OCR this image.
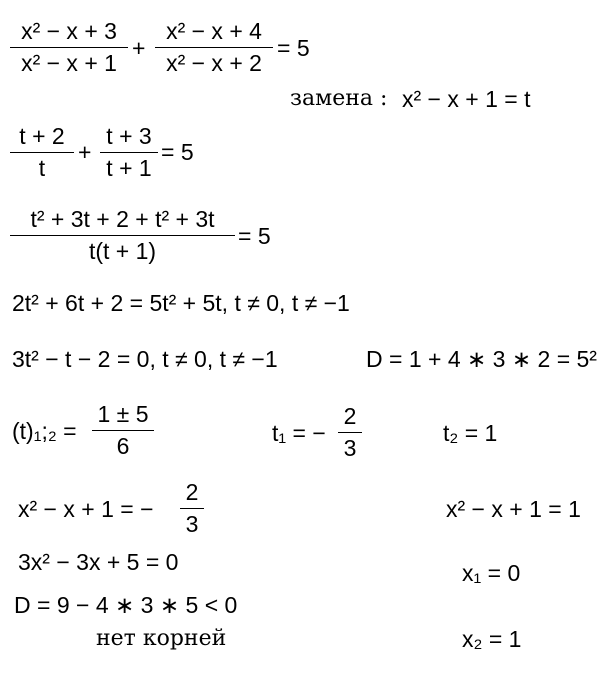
x² − x + 3
x² − x + 1
+
x² − x + 4
x² − x + 2
= 5
замена : x² − x + 1 = t
t + 2
t
+
t + 3
t + 1
= 5
t² + 3t + 2 + t² + 3t
t(t + 1)
= 5
2t² + 6t + 2 = 5t² + 5t, t ≠ 0, t ≠ −1
3t² − t − 2 = 0, t ≠ 0, t ≠ −1	D = 1 + 4 ∗ 3 ∗ 2 = 5²
(t)₁;₂ =
1 ± 5
6	t₁ = −
2
3
t₂ = 1
x² − x + 1 = −
2
3
3x² − 3x + 5 = 0
D = 9 − 4 ∗ 3 ∗ 5 < 0
нет корней
x² − x + 1 = 1
x₁ = 0
x₂ = 1
